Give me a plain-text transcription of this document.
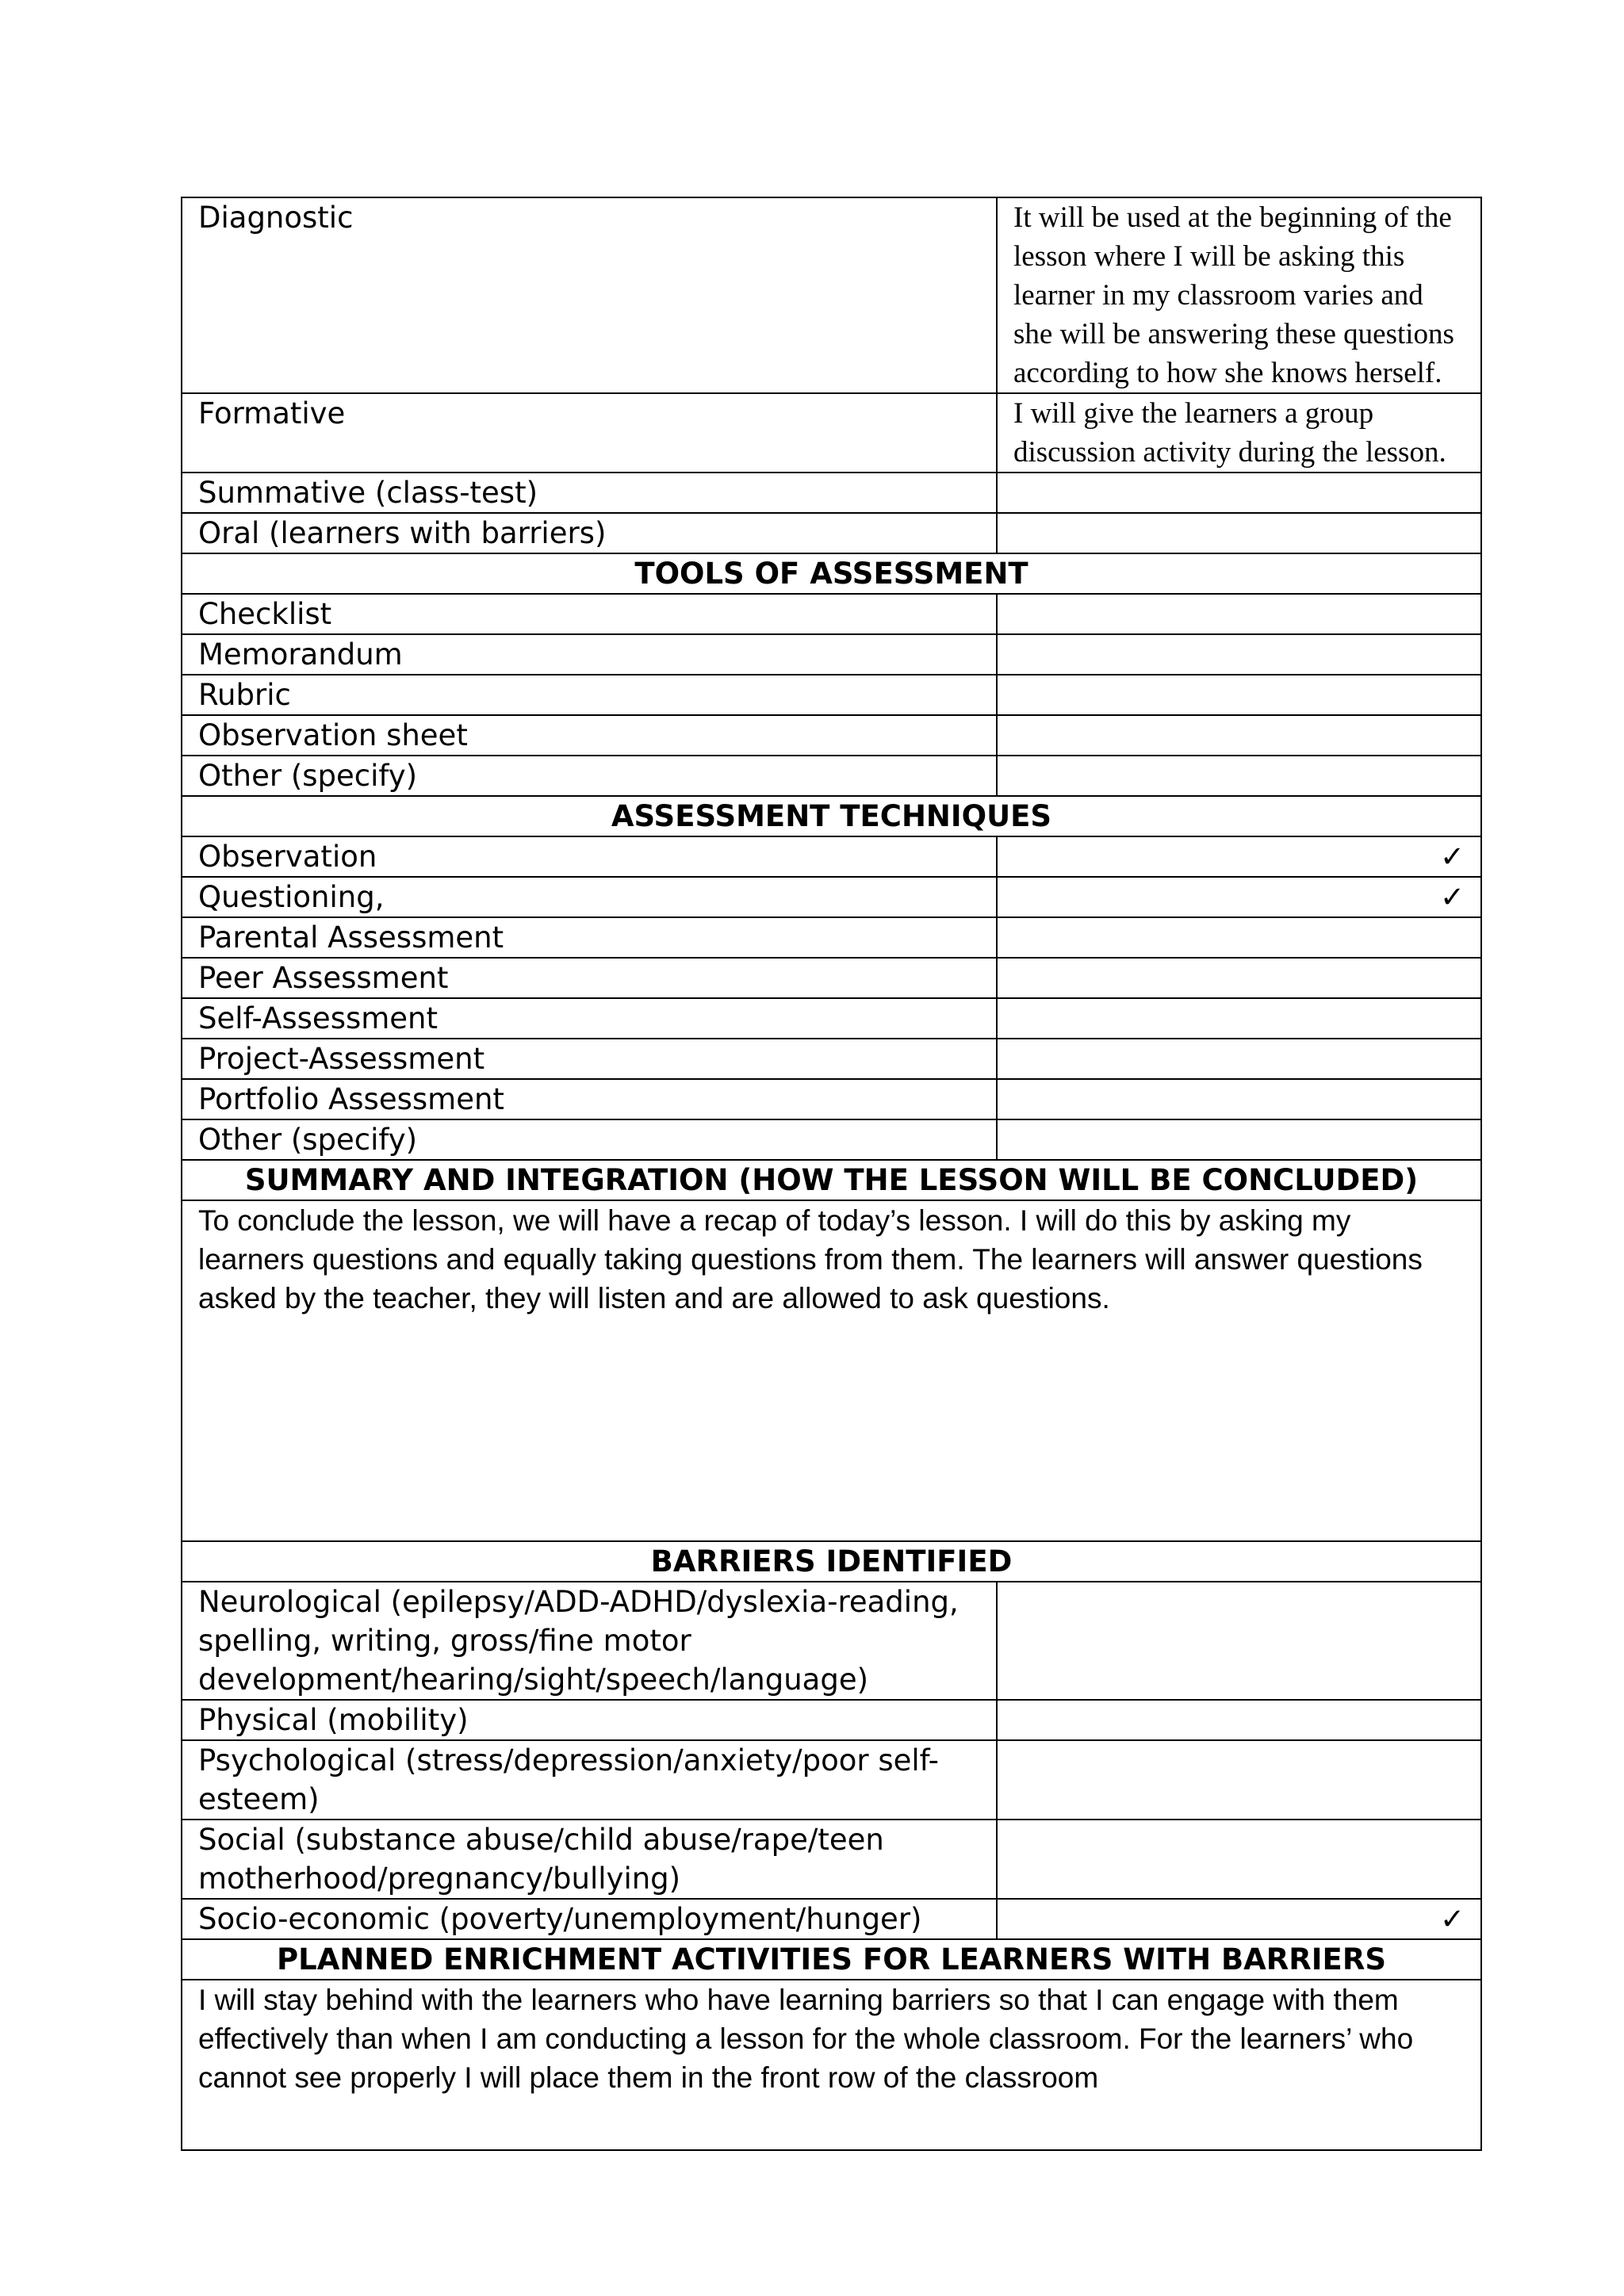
Diagnostic	It will be used at the beginning of the lesson where I will be asking this learner in my classroom varies and she will be answering these questions according to how she knows herself.
Formative	I will give the learners a group discussion activity during the lesson.
Summative (class-test)	
Oral (learners with barriers)	
TOOLS OF ASSESSMENT	
Checklist	
Memorandum	
Rubric	
Observation sheet	
Other (specify)	
ASSESSMENT TECHNIQUES	
Observation	✓
Questioning,	✓
Parental Assessment	
Peer Assessment	
Self-Assessment	
Project-Assessment	
Portfolio Assessment	
Other (specify)	
SUMMARY AND INTEGRATION (HOW THE LESSON WILL BE CONCLUDED)	
To conclude the lesson, we will have a recap of today’s lesson. I will do this by asking my learners questions and equally taking questions from them. The learners will answer questions asked by the teacher, they will listen and are allowed to ask questions.	
BARRIERS IDENTIFIED	
Neurological (epilepsy/ADD-ADHD/dyslexia-reading, spelling, writing, gross/fine motor development/hearing/sight/speech/language)	
Physical (mobility)	
Psychological (stress/depression/anxiety/poor self-esteem)	
Social (substance abuse/child abuse/rape/teen motherhood/pregnancy/bullying)	
Socio-economic (poverty/unemployment/hunger)	✓
PLANNED ENRICHMENT ACTIVITIES FOR LEARNERS WITH BARRIERS	
I will stay behind with the learners who have learning barriers so that I can engage with them effectively than when I am conducting a lesson for the whole classroom. For the learners’ who cannot see properly I will place them in the front row of the classroom	
